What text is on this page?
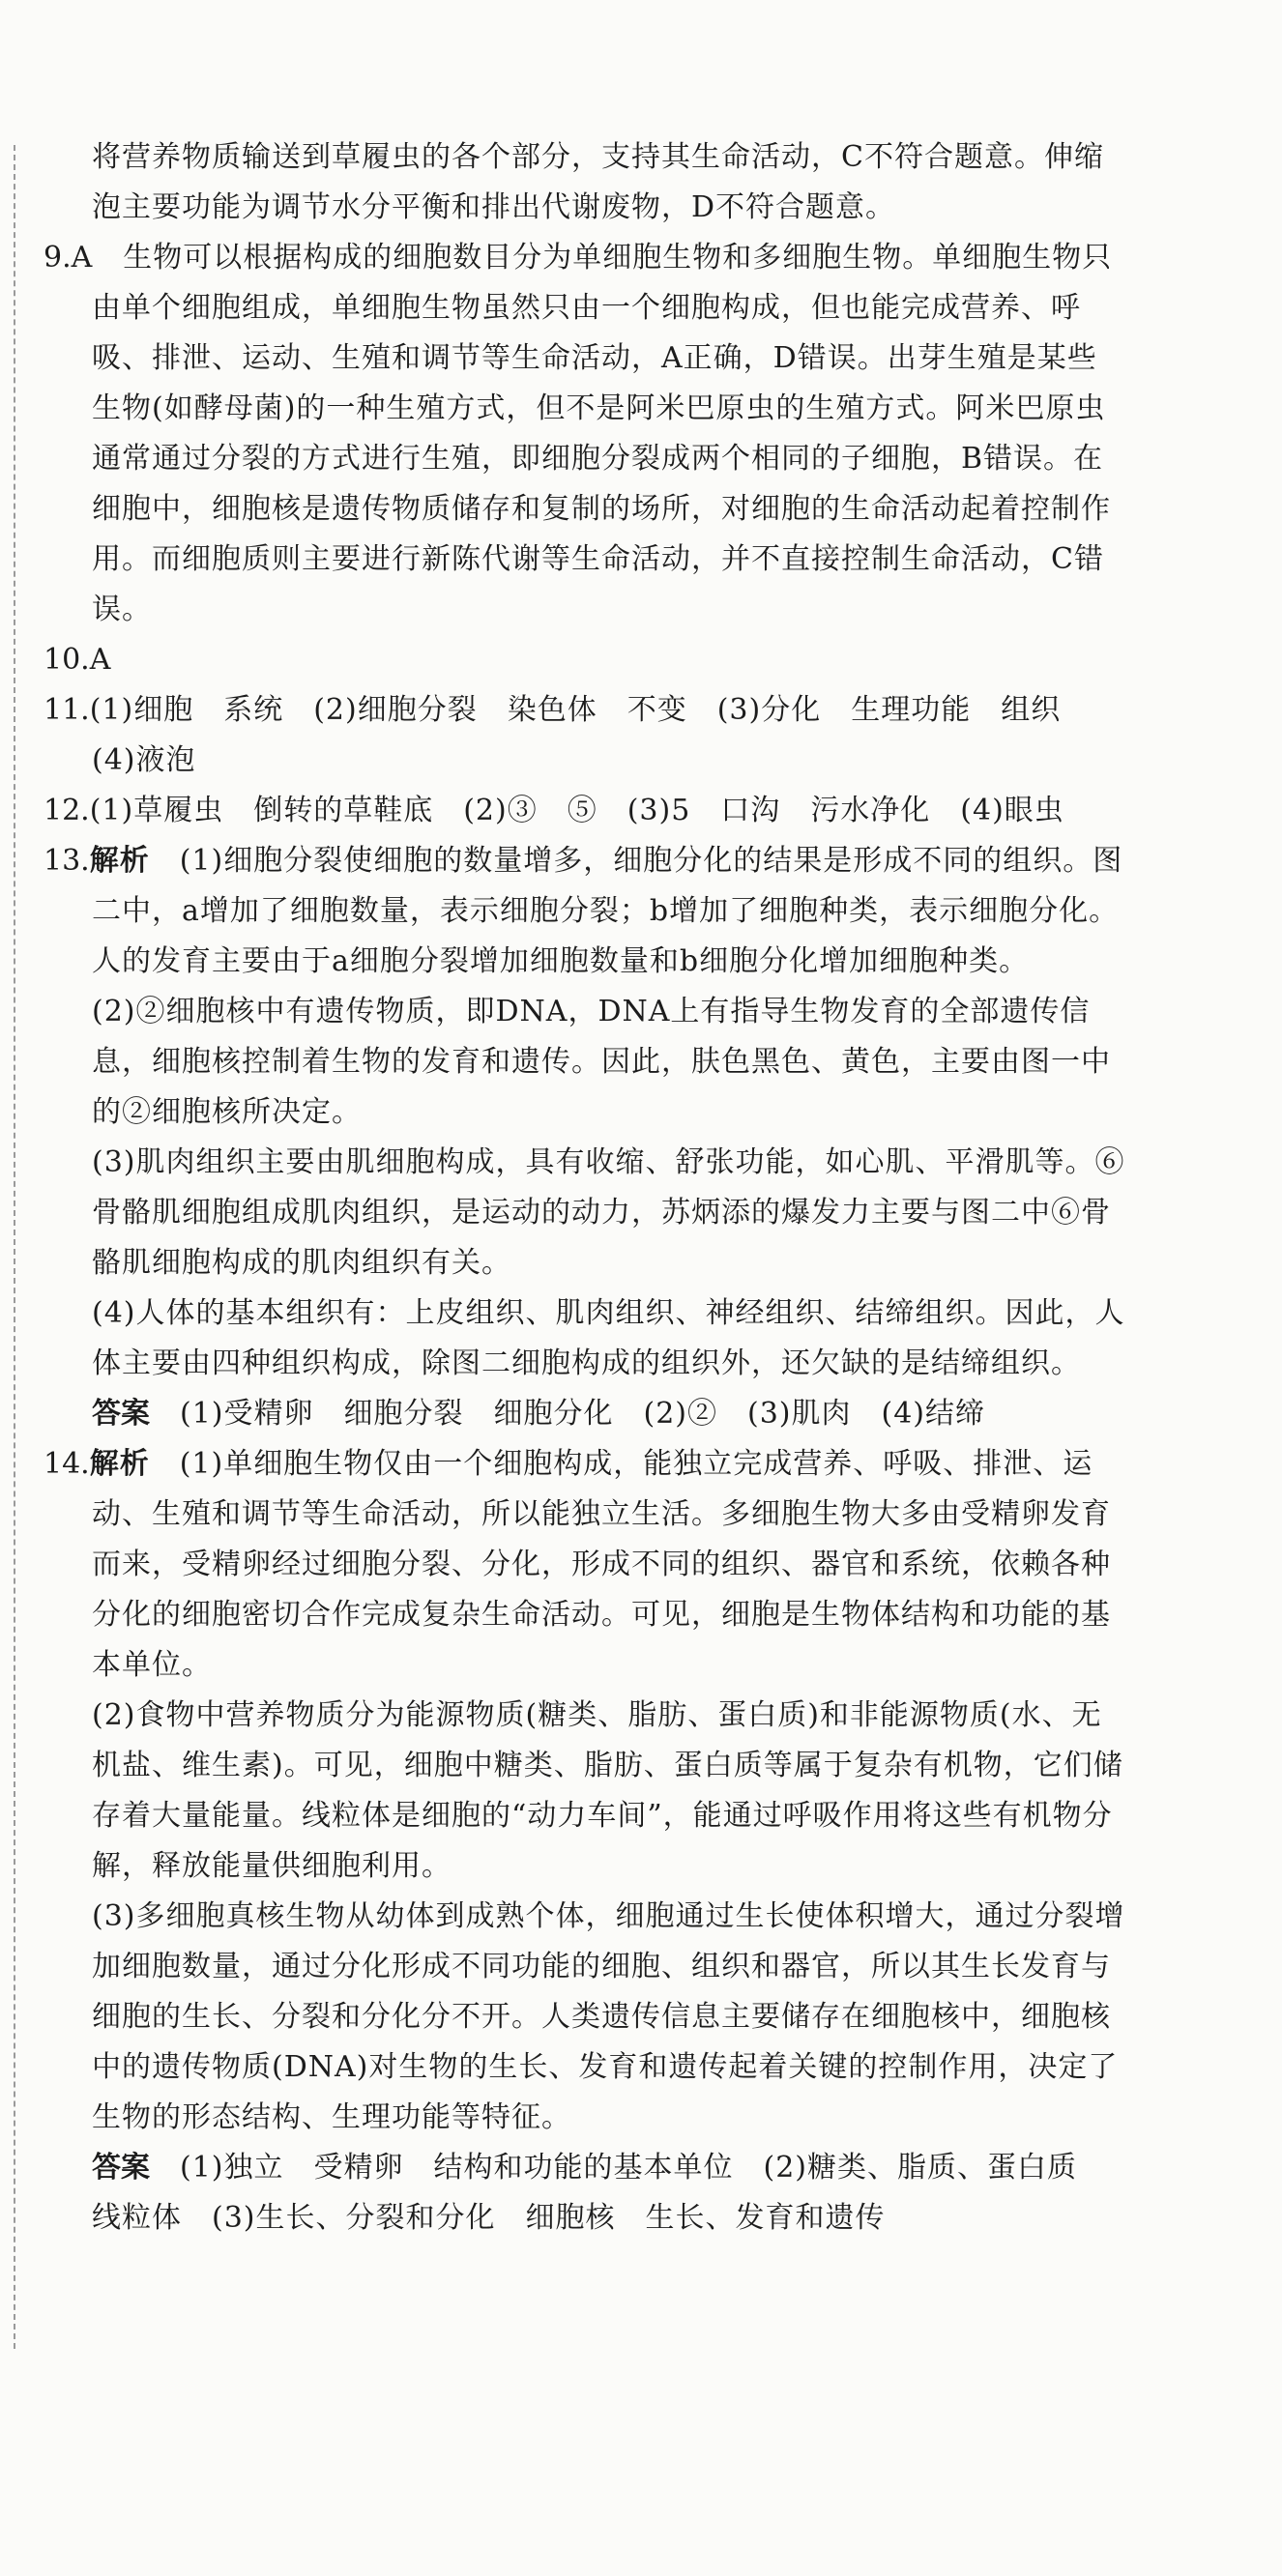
将营养物质输送到草履虫的各个部分，支持其生命活动，C不符合题意。伸缩泡主要功能为调节水分平衡和排出代谢废物，D不符合题意。
9.A　生物可以根据构成的细胞数目分为单细胞生物和多细胞生物。单细胞生物只由单个细胞组成，单细胞生物虽然只由一个细胞构成，但也能完成营养、呼吸、排泄、运动、生殖和调节等生命活动，A正确，D错误。出芽生殖是某些生物(如酵母菌)的一种生殖方式，但不是阿米巴原虫的生殖方式。阿米巴原虫通常通过分裂的方式进行生殖，即细胞分裂成两个相同的子细胞，B错误。在细胞中，细胞核是遗传物质储存和复制的场所，对细胞的生命活动起着控制作用。而细胞质则主要进行新陈代谢等生命活动，并不直接控制生命活动，C错误。
10.A
11.(1)细胞　系统　(2)细胞分裂　染色体　不变　(3)分化　生理功能　组织　(4)液泡
12.(1)草履虫　倒转的草鞋底　(2)③　⑤　(3)5　口沟　污水净化　(4)眼虫
13.解析　(1)细胞分裂使细胞的数量增多，细胞分化的结果是形成不同的组织。图二中，a增加了细胞数量，表示细胞分裂；b增加了细胞种类，表示细胞分化。人的发育主要由于a细胞分裂增加细胞数量和b细胞分化增加细胞种类。
(2)②细胞核中有遗传物质，即DNA，DNA上有指导生物发育的全部遗传信息，细胞核控制着生物的发育和遗传。因此，肤色黑色、黄色，主要由图一中的②细胞核所决定。
(3)肌肉组织主要由肌细胞构成，具有收缩、舒张功能，如心肌、平滑肌等。⑥骨骼肌细胞组成肌肉组织，是运动的动力，苏炳添的爆发力主要与图二中⑥骨骼肌细胞构成的肌肉组织有关。
(4)人体的基本组织有：上皮组织、肌肉组织、神经组织、结缔组织。因此，人体主要由四种组织构成，除图二细胞构成的组织外，还欠缺的是结缔组织。
答案　(1)受精卵　细胞分裂　细胞分化　(2)②　(3)肌肉　(4)结缔
14.解析　(1)单细胞生物仅由一个细胞构成，能独立完成营养、呼吸、排泄、运动、生殖和调节等生命活动，所以能独立生活。多细胞生物大多由受精卵发育而来，受精卵经过细胞分裂、分化，形成不同的组织、器官和系统，依赖各种分化的细胞密切合作完成复杂生命活动。可见，细胞是生物体结构和功能的基本单位。
(2)食物中营养物质分为能源物质(糖类、脂肪、蛋白质)和非能源物质(水、无机盐、维生素)。可见，细胞中糖类、脂肪、蛋白质等属于复杂有机物，它们储存着大量能量。线粒体是细胞的“动力车间”，能通过呼吸作用将这些有机物分解，释放能量供细胞利用。
(3)多细胞真核生物从幼体到成熟个体，细胞通过生长使体积增大，通过分裂增加细胞数量，通过分化形成不同功能的细胞、组织和器官，所以其生长发育与细胞的生长、分裂和分化分不开。人类遗传信息主要储存在细胞核中，细胞核中的遗传物质(DNA)对生物的生长、发育和遗传起着关键的控制作用，决定了生物的形态结构、生理功能等特征。
答案　(1)独立　受精卵　结构和功能的基本单位　(2)糖类、脂质、蛋白质　线粒体　(3)生长、分裂和分化　细胞核　生长、发育和遗传
